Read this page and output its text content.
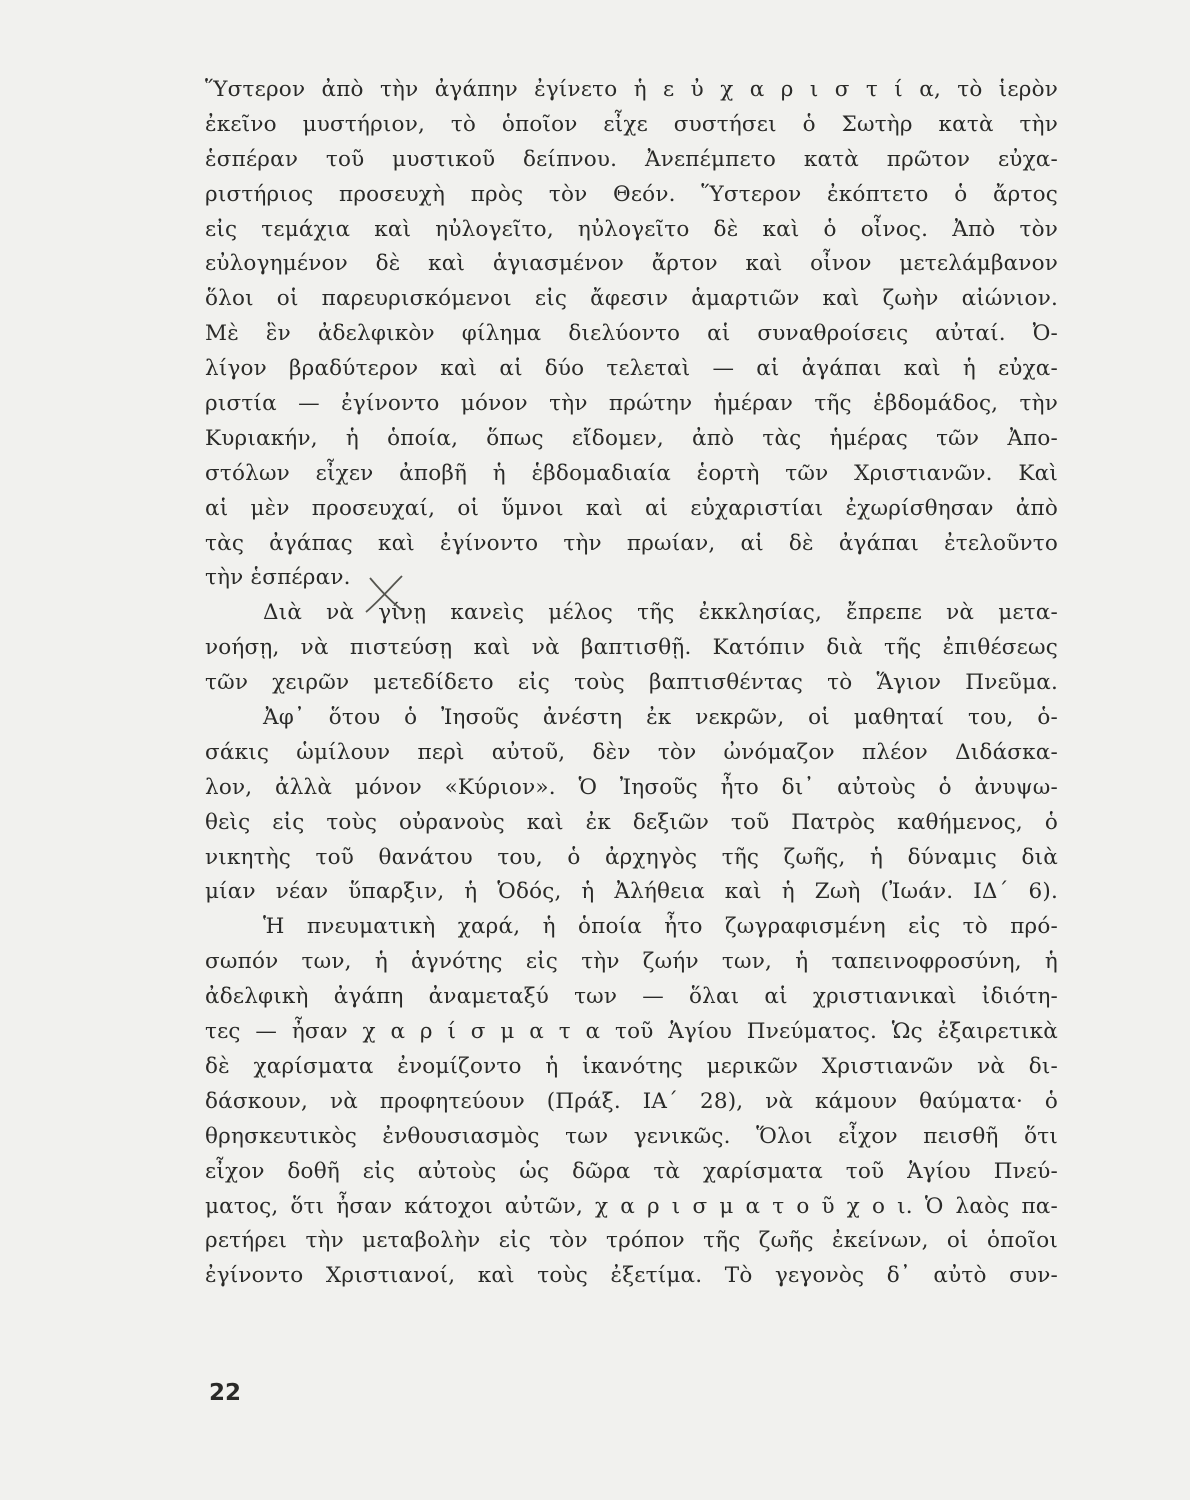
Ὕστερον ἀπὸ τὴν ἀγάπην ἐγίνετο ἡ ε ὐ χ α ρ ι σ τ ί α, τὸ ἱερὸν
ἐκεῖνο μυστήριον, τὸ ὁποῖον εἶχε συστήσει ὁ Σωτὴρ κατὰ τὴν
ἑσπέραν τοῦ μυστικοῦ δείπνου. Ἀνεπέμπετο κατὰ πρῶτον εὐχα-
ριστήριος προσευχὴ πρὸς τὸν Θεόν. Ὕστερον ἐκόπτετο ὁ ἄρτος
εἰς τεμάχια καὶ ηὐλογεῖτο, ηὐλογεῖτο δὲ καὶ ὁ οἶνος. Ἀπὸ τὸν
εὐλογημένον δὲ καὶ ἁγιασμένον ἄρτον καὶ οἶνον μετελάμβανον
ὅλοι οἱ παρευρισκόμενοι εἰς ἄφεσιν ἁμαρτιῶν καὶ ζωὴν αἰώνιον.
Μὲ ἓν ἀδελφικὸν φίλημα διελύοντο αἱ συναθροίσεις αὐταί. Ὀ-
λίγον βραδύτερον καὶ αἱ δύο τελεταὶ — αἱ ἀγάπαι καὶ ἡ εὐχα-
ριστία — ἐγίνοντο μόνον τὴν πρώτην ἡμέραν τῆς ἑβδομάδος, τὴν
Κυριακήν, ἡ ὁποία, ὅπως εἴδομεν, ἀπὸ τὰς ἡμέρας τῶν Ἀπο-
στόλων εἶχεν ἀποβῆ ἡ ἑβδομαδιαία ἑορτὴ τῶν Χριστιανῶν. Καὶ
αἱ μὲν προσευχαί, οἱ ὕμνοι καὶ αἱ εὐχαριστίαι ἐχωρίσθησαν ἀπὸ
τὰς ἀγάπας καὶ ἐγίνοντο τὴν πρωίαν, αἱ δὲ ἀγάπαι ἐτελοῦντο
τὴν ἑσπέραν.
Διὰ νὰ γίνῃ κανεὶς μέλος τῆς ἐκκλησίας, ἔπρεπε νὰ μετα-
νοήσῃ, νὰ πιστεύσῃ καὶ νὰ βαπτισθῇ. Κατόπιν διὰ τῆς ἐπιθέσεως
τῶν χειρῶν μετεδίδετο εἰς τοὺς βαπτισθέντας τὸ Ἅγιον Πνεῦμα.
Ἀφ᾽ ὅτου ὁ Ἰησοῦς ἀνέστη ἐκ νεκρῶν, οἱ μαθηταί του, ὁ-
σάκις ὡμίλουν περὶ αὐτοῦ, δὲν τὸν ὠνόμαζον πλέον Διδάσκα-
λον, ἀλλὰ μόνον «Κύριον». Ὁ Ἰησοῦς ἦτο δι᾽ αὐτοὺς ὁ ἀνυψω-
θεὶς εἰς τοὺς οὐρανοὺς καὶ ἐκ δεξιῶν τοῦ Πατρὸς καθήμενος, ὁ
νικητὴς τοῦ θανάτου του, ὁ ἀρχηγὸς τῆς ζωῆς, ἡ δύναμις διὰ
μίαν νέαν ὕπαρξιν, ἡ Ὁδός, ἡ Ἀλήθεια καὶ ἡ Ζωὴ (Ἰωάν. ΙΔ´ 6).
Ἡ πνευματικὴ χαρά, ἡ ὁποία ἦτο ζωγραφισμένη εἰς τὸ πρό-
σωπόν των, ἡ ἁγνότης εἰς τὴν ζωήν των, ἡ ταπεινοφροσύνη, ἡ
ἀδελφικὴ ἀγάπη ἀναμεταξύ των — ὅλαι αἱ χριστιανικαὶ ἰδιότη-
τες — ἦσαν χ α ρ ί σ μ α τ α τοῦ Ἁγίου Πνεύματος. Ὡς ἐξαιρετικὰ
δὲ χαρίσματα ἐνομίζοντο ἡ ἱκανότης μερικῶν Χριστιανῶν νὰ δι-
δάσκουν, νὰ προφητεύουν (Πράξ. ΙΑ´ 28), νὰ κάμουν θαύματα· ὁ
θρησκευτικὸς ἐνθουσιασμὸς των γενικῶς. Ὅλοι εἶχον πεισθῆ ὅτι
εἶχον δοθῆ εἰς αὐτοὺς ὡς δῶρα τὰ χαρίσματα τοῦ Ἁγίου Πνεύ-
ματος, ὅτι ἦσαν κάτοχοι αὐτῶν, χ α ρ ι σ μ α τ ο ῦ χ ο ι. Ὁ λαὸς πα-
ρετήρει τὴν μεταβολὴν εἰς τὸν τρόπον τῆς ζωῆς ἐκείνων, οἱ ὁποῖοι
ἐγίνοντο Χριστιανοί, καὶ τοὺς ἐξετίμα. Τὸ γεγονὸς δ᾽ αὐτὸ συν-
22
